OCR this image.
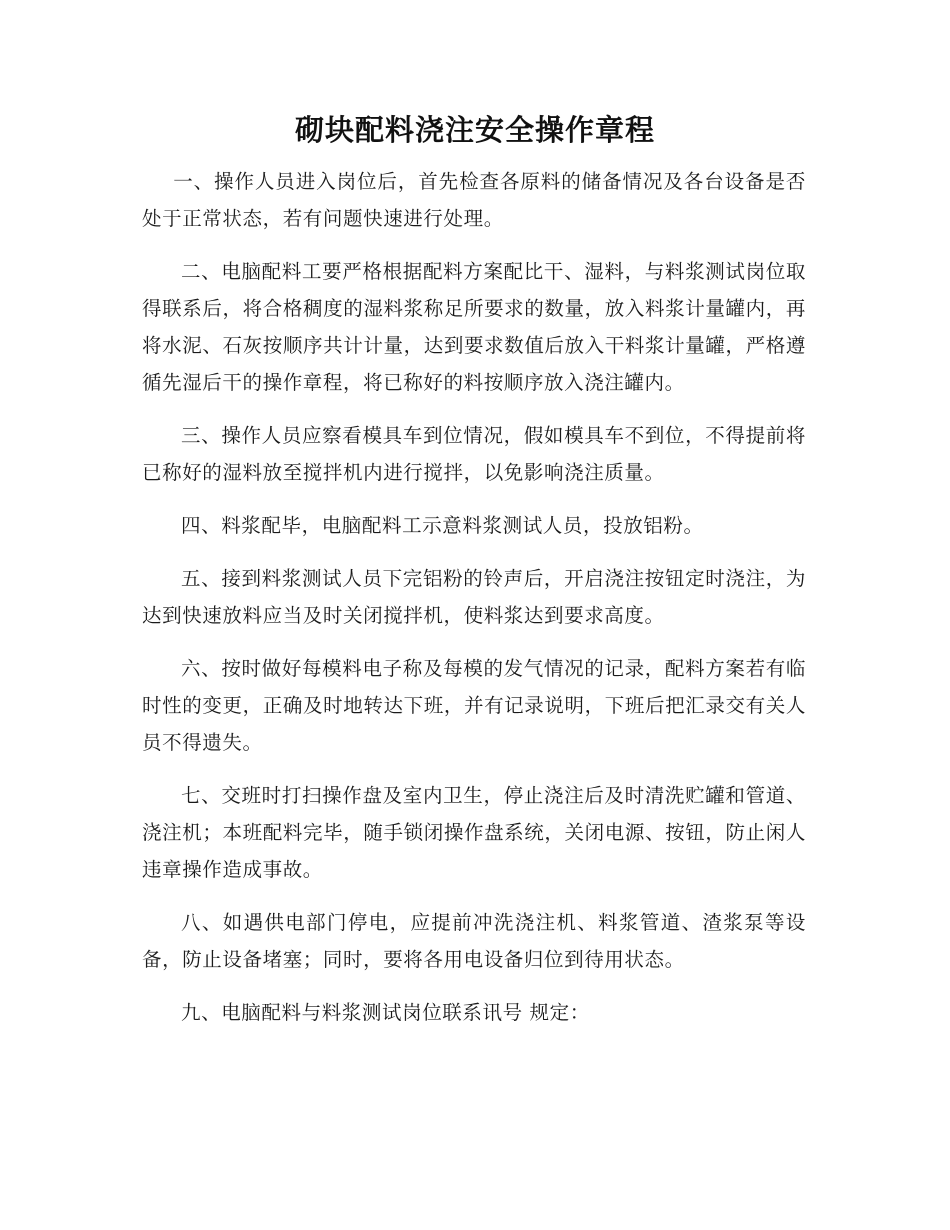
砌块配料浇注安全操作章程

一、操作人员进入岗位后，首先检查各原料的储备情况及各台设备是否处于正常状态，若有问题快速进行处理。

二、电脑配料工要严格根据配料方案配比干、湿料，与料浆测试岗位取得联系后，将合格稠度的湿料浆称足所要求的数量，放入料浆计量罐内，再将水泥、石灰按顺序共计计量，达到要求数值后放入干料浆计量罐，严格遵循先湿后干的操作章程，将已称好的料按顺序放入浇注罐内。

三、操作人员应察看模具车到位情况，假如模具车不到位，不得提前将已称好的湿料放至搅拌机内进行搅拌，以免影响浇注质量。

四、料浆配毕，电脑配料工示意料浆测试人员，投放铝粉。

五、接到料浆测试人员下完铝粉的铃声后，开启浇注按钮定时浇注，为达到快速放料应当及时关闭搅拌机，使料浆达到要求高度。

六、按时做好每模料电子称及每模的发气情况的记录，配料方案若有临时性的变更，正确及时地转达下班，并有记录说明，下班后把汇录交有关人员不得遗失。

七、交班时打扫操作盘及室内卫生，停止浇注后及时清洗贮罐和管道、浇注机；本班配料完毕，随手锁闭操作盘系统，关闭电源、按钮，防止闲人违章操作造成事故。

八、如遇供电部门停电，应提前冲洗浇注机、料浆管道、渣浆泵等设备，防止设备堵塞；同时，要将各用电设备归位到待用状态。

九、电脑配料与料浆测试岗位联系讯号 规定：
